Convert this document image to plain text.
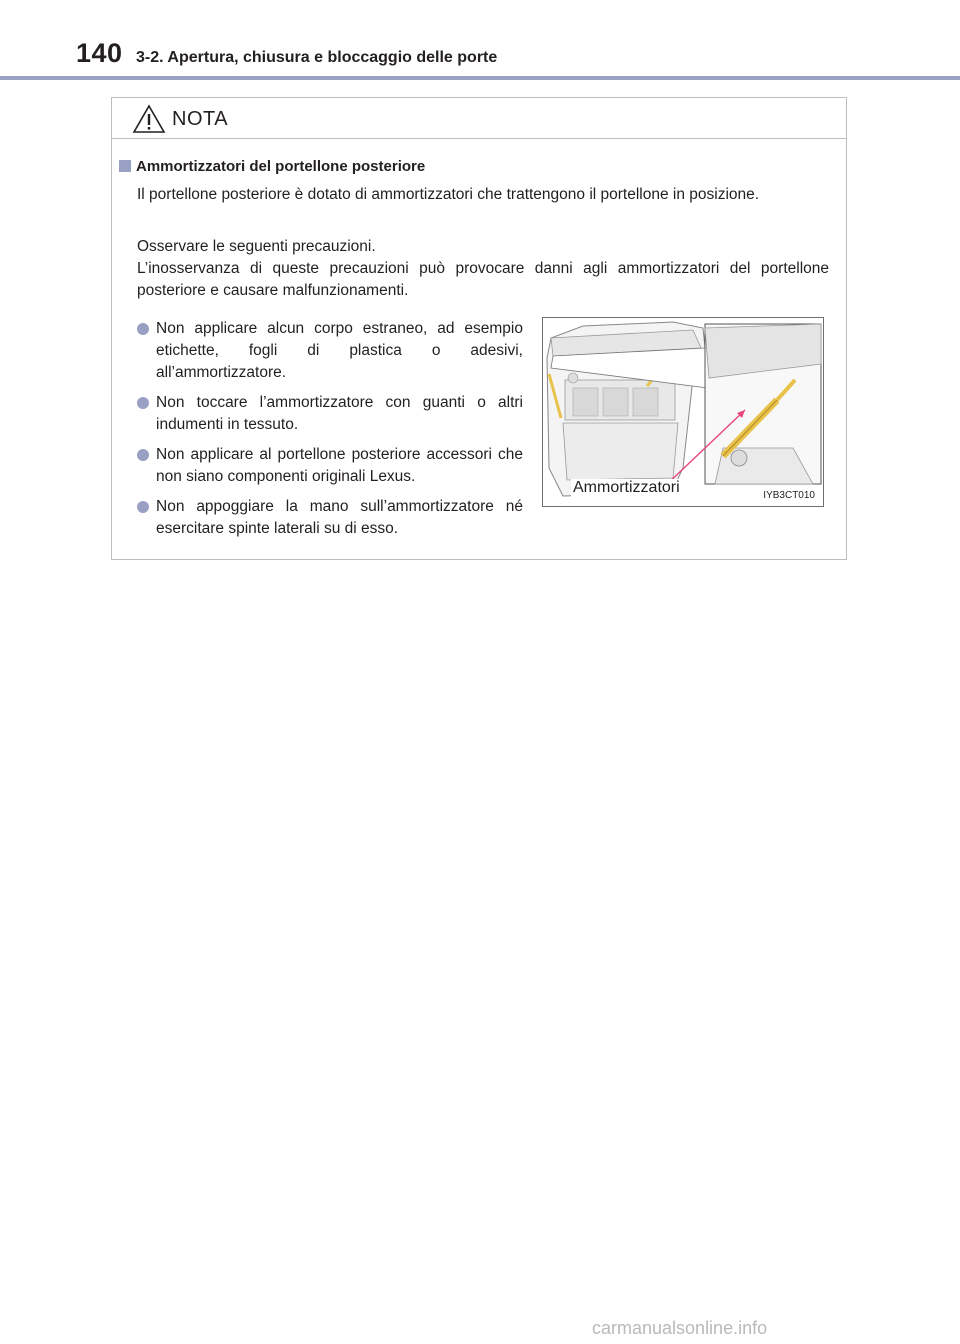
140 3-2. Apertura, chiusura e bloccaggio delle porte
NOTA
Ammortizzatori del portellone posteriore
Il portellone posteriore è dotato di ammortizzatori che trattengono il portellone in posizione.
Osservare le seguenti precauzioni.
L’inosservanza di queste precauzioni può provocare danni agli ammortizzatori del portellone posteriore e causare malfunzionamenti.
Non applicare alcun corpo estraneo, ad esempio etichette, fogli di plastica o adesivi, all’ammortizzatore.
Non toccare l’ammortizzatore con guanti o altri indumenti in tessuto.
Non applicare al portellone posteriore accessori che non siano componenti originali Lexus.
Non appoggiare la mano sull’ammortizzatore né esercitare spinte laterali su di esso.
Ammortizzatori	IYB3CT010
carmanualsonline.info
